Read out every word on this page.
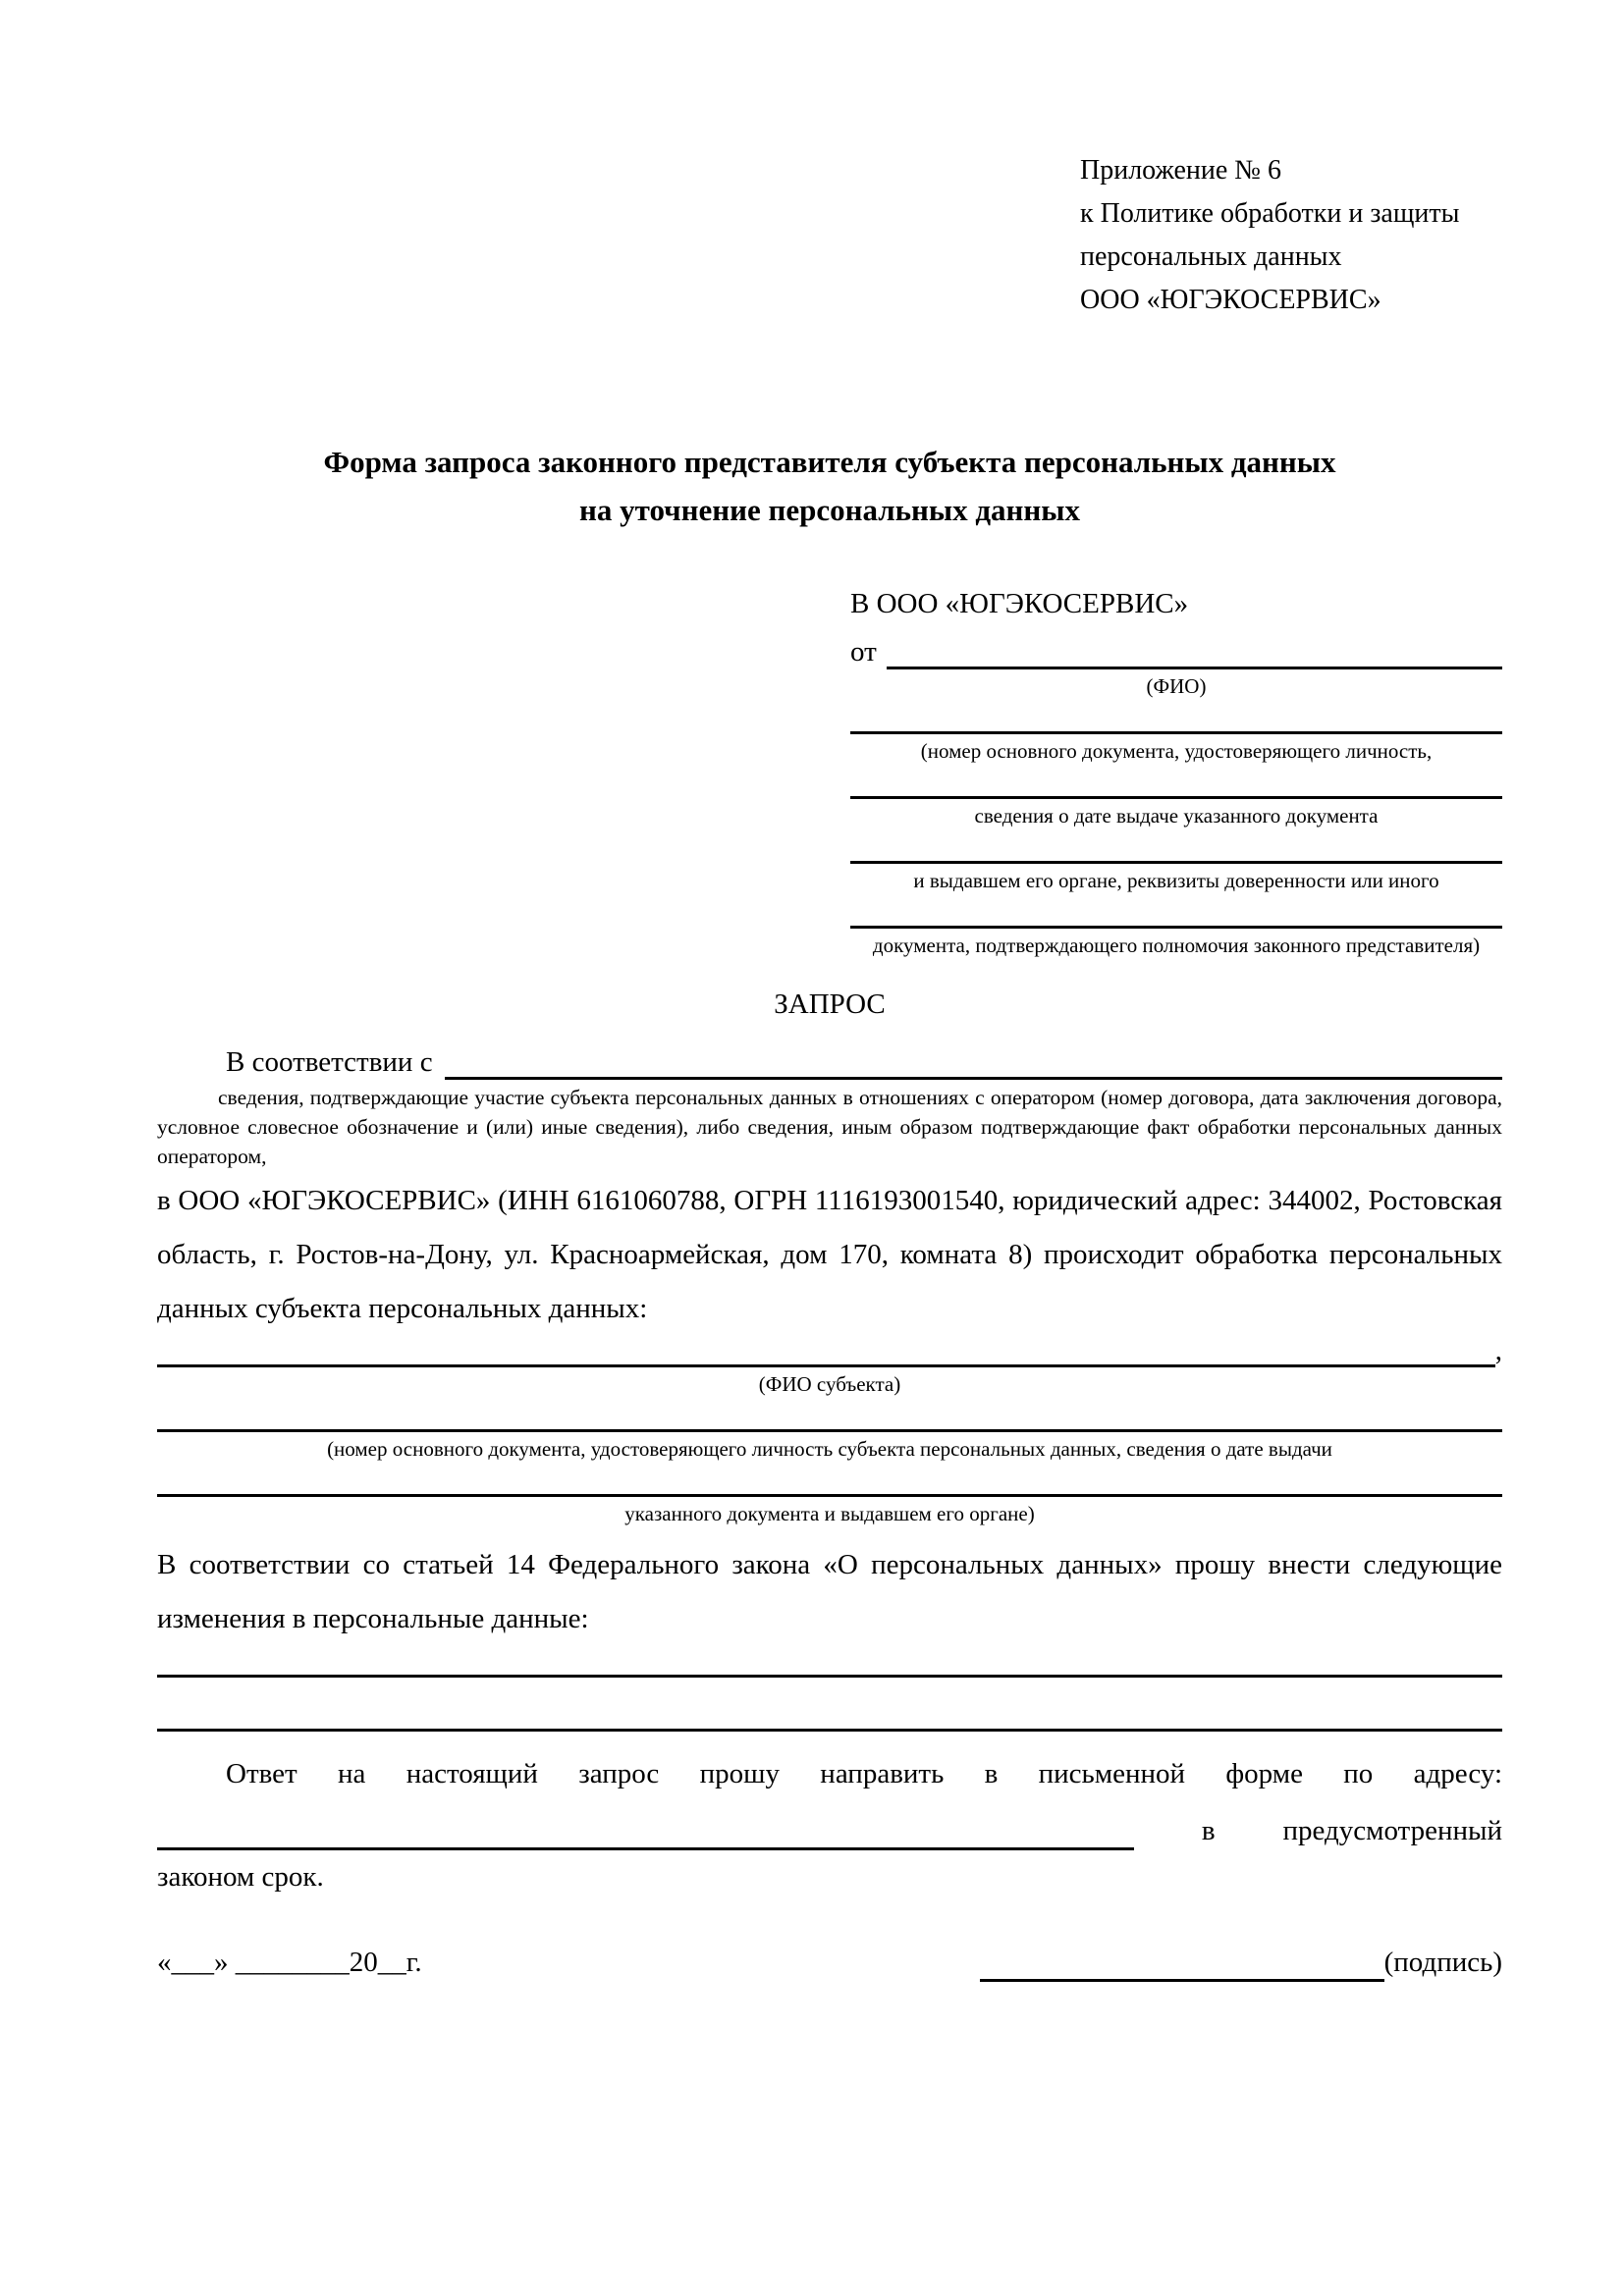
Приложение № 6
к Политике обработки и защиты
персональных данных
ООО «ЮГЭКОСЕРВИС»
Форма запроса законного представителя субъекта персональных данных
на уточнение персональных данных
В ООО «ЮГЭКОСЕРВИС»
от
(ФИО)
(номер основного документа, удостоверяющего личность,
сведения о дате выдаче указанного документа
и выдавшем его органе, реквизиты доверенности или иного
документа, подтверждающего полномочия законного представителя)
ЗАПРОС
В соответствии с

сведения, подтверждающие участие субъекта персональных данных в отношениях с оператором (номер договора, дата заключения договора, условное словесное обозначение и (или) иные сведения), либо сведения, иным образом подтверждающие факт обработки персональных данных оператором,

в ООО «ЮГЭКОСЕРВИС» (ИНН 6161060788, ОГРН 1116193001540, юридический адрес: 344002, Ростовская область, г. Ростов-на-Дону, ул. Красноармейская, дом 170, комната 8) происходит обработка персональных данных субъекта персональных данных:

,
(ФИО субъекта)
(номер основного документа, удостоверяющего личность субъекта персональных данных, сведения о дате выдачи
указанного документа и выдавшем его органе)

В соответствии со статьей 14 Федерального закона «О персональных данных» прошу внести следующие изменения в персональные данные:

Ответ на настоящий запрос прошу направить в письменной форме по адресу:

в предусмотренный
законом срок.
«___» ________20__г.	(подпись)
